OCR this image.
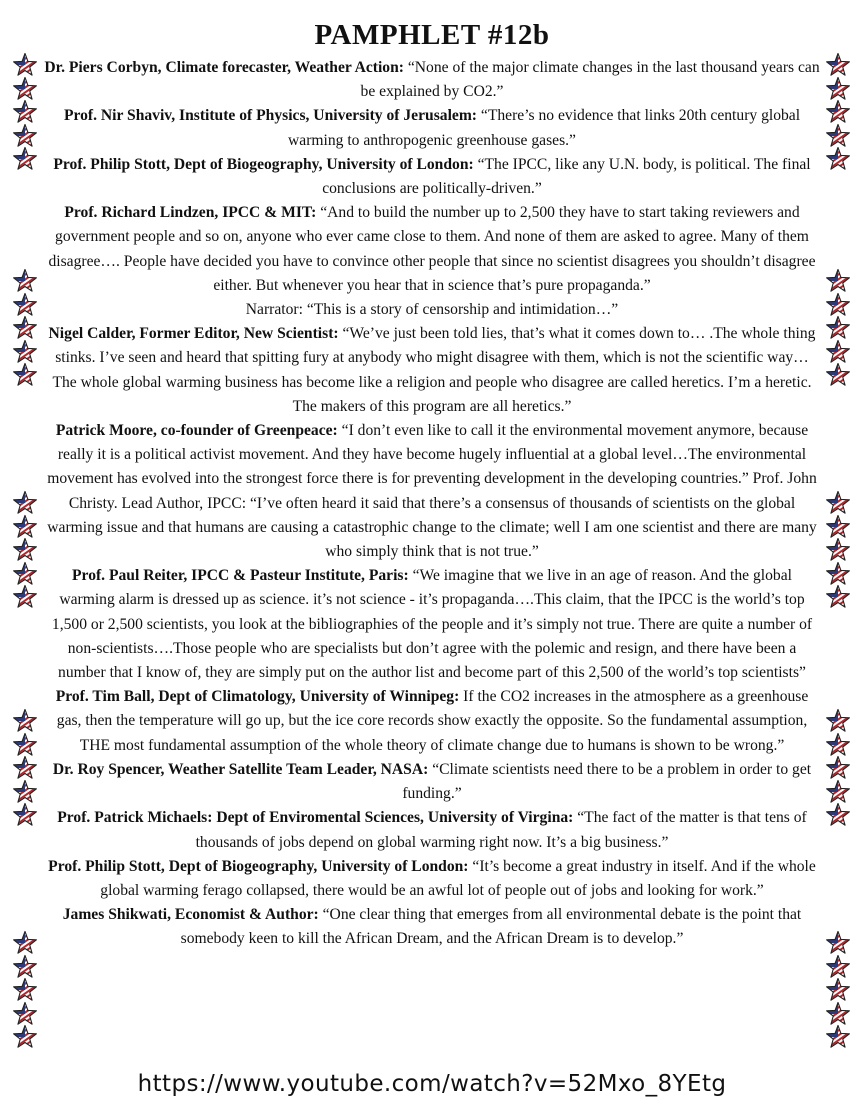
PAMPHLET #12b

Dr. Piers Corbyn, Climate forecaster, Weather Action: “None of the major climate changes in the last thousand years can be explained by CO2.”

Prof. Nir Shaviv, Institute of Physics, University of Jerusalem: “There’s no evidence that links 20th century global warming to anthropogenic greenhouse gases.”

Prof. Philip Stott, Dept of Biogeography, University of London: “The IPCC, like any U.N. body, is political. The final conclusions are politically-driven.”

Prof. Richard Lindzen, IPCC & MIT: “And to build the number up to 2,500 they have to start taking reviewers and government people and so on, anyone who ever came close to them. And none of them are asked to agree. Many of them disagree…. People have decided you have to convince other people that since no scientist disagrees you shouldn’t disagree either. But whenever you hear that in science that’s pure propaganda.”

Narrator: “This is a story of censorship and intimidation…”

Nigel Calder, Former Editor, New Scientist: “We’ve just been told lies, that’s what it comes down to… .The whole thing stinks. I’ve seen and heard that spitting fury at anybody who might disagree with them, which is not the scientific way…The whole global warming business has become like a religion and people who disagree are called heretics. I’m a heretic. The makers of this program are all heretics.”

Patrick Moore, co-founder of Greenpeace: “I don’t even like to call it the environmental movement anymore, because really it is a political activist movement. And they have become hugely influential at a global level…The environmental movement has evolved into the strongest force there is for preventing development in the developing countries.” Prof. John Christy. Lead Author, IPCC: “I’ve often heard it said that there’s a consensus of thousands of scientists on the global warming issue and that humans are causing a catastrophic change to the climate; well I am one scientist and there are many who simply think that is not true.”

Prof. Paul Reiter, IPCC & Pasteur Institute, Paris: “We imagine that we live in an age of reason. And the global warming alarm is dressed up as science. it’s not science - it’s propaganda….This claim, that the IPCC is the world’s top 1,500 or 2,500 scientists, you look at the bibliographies of the people and it’s simply not true. There are quite a number of non-scientists….Those people who are specialists but don’t agree with the polemic and resign, and there have been a number that I know of, they are simply put on the author list and become part of this 2,500 of the world’s top scientists”

Prof. Tim Ball, Dept of Climatology, University of Winnipeg: If the CO2 increases in the atmosphere as a greenhouse gas, then the temperature will go up, but the ice core records show exactly the opposite. So the fundamental assumption, THE most fundamental assumption of the whole theory of climate change due to humans is shown to be wrong.”

Dr. Roy Spencer, Weather Satellite Team Leader, NASA: “Climate scientists need there to be a problem in order to get funding.”

Prof. Patrick Michaels: Dept of Enviromental Sciences, University of Virgina: “The fact of the matter is that tens of thousands of jobs depend on global warming right now. It’s a big business.”

Prof. Philip Stott, Dept of Biogeography, University of London: “It’s become a great industry in itself. And if the whole global warming ferago collapsed, there would be an awful lot of people out of jobs and looking for work.”

James Shikwati, Economist & Author: “One clear thing that emerges from all environmental debate is the point that somebody keen to kill the African Dream, and the African Dream is to develop.”

https://www.youtube.com/watch?v=52Mxo_8YEtg
